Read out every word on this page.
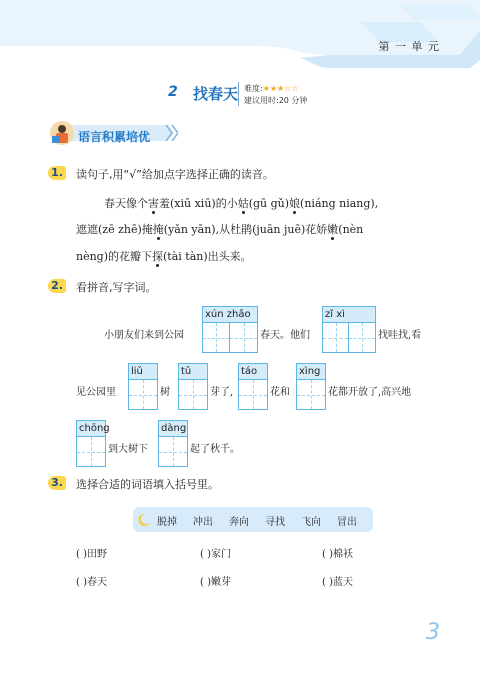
第 一 单 元
2 找春天 难度:★★★☆☆
建议用时:20 分钟
语言积累培优
1. 读句子,用“√”给加点字选择正确的读音。
春天像个害羞(xiū xiū)的小姑(gū gǔ)娘(niáng niang),
遮遮(zē zhē)掩掩(yǎn yān),从杜鹃(juān juē)花娇嫩(nèn
nèng)的花瓣下探(tài tàn)出头来。
2. 看拼音,写字词。
小朋友们来到公园
xún zhǎo
春天。他们
zǐ xì
找哇找,看
见公园里
liǔ
树
tǔ
芽了,
táo
花和
xìng
花都开放了,高兴地
chōng
到大树下
dàng
起了秋千。
3. 选择合适的词语填入括号里。
脱掉 冲出 奔向 寻找 飞向 冒出
( )田野	( )家门	( )棉袄
( )春天	( )嫩芽	( )蓝天
3
